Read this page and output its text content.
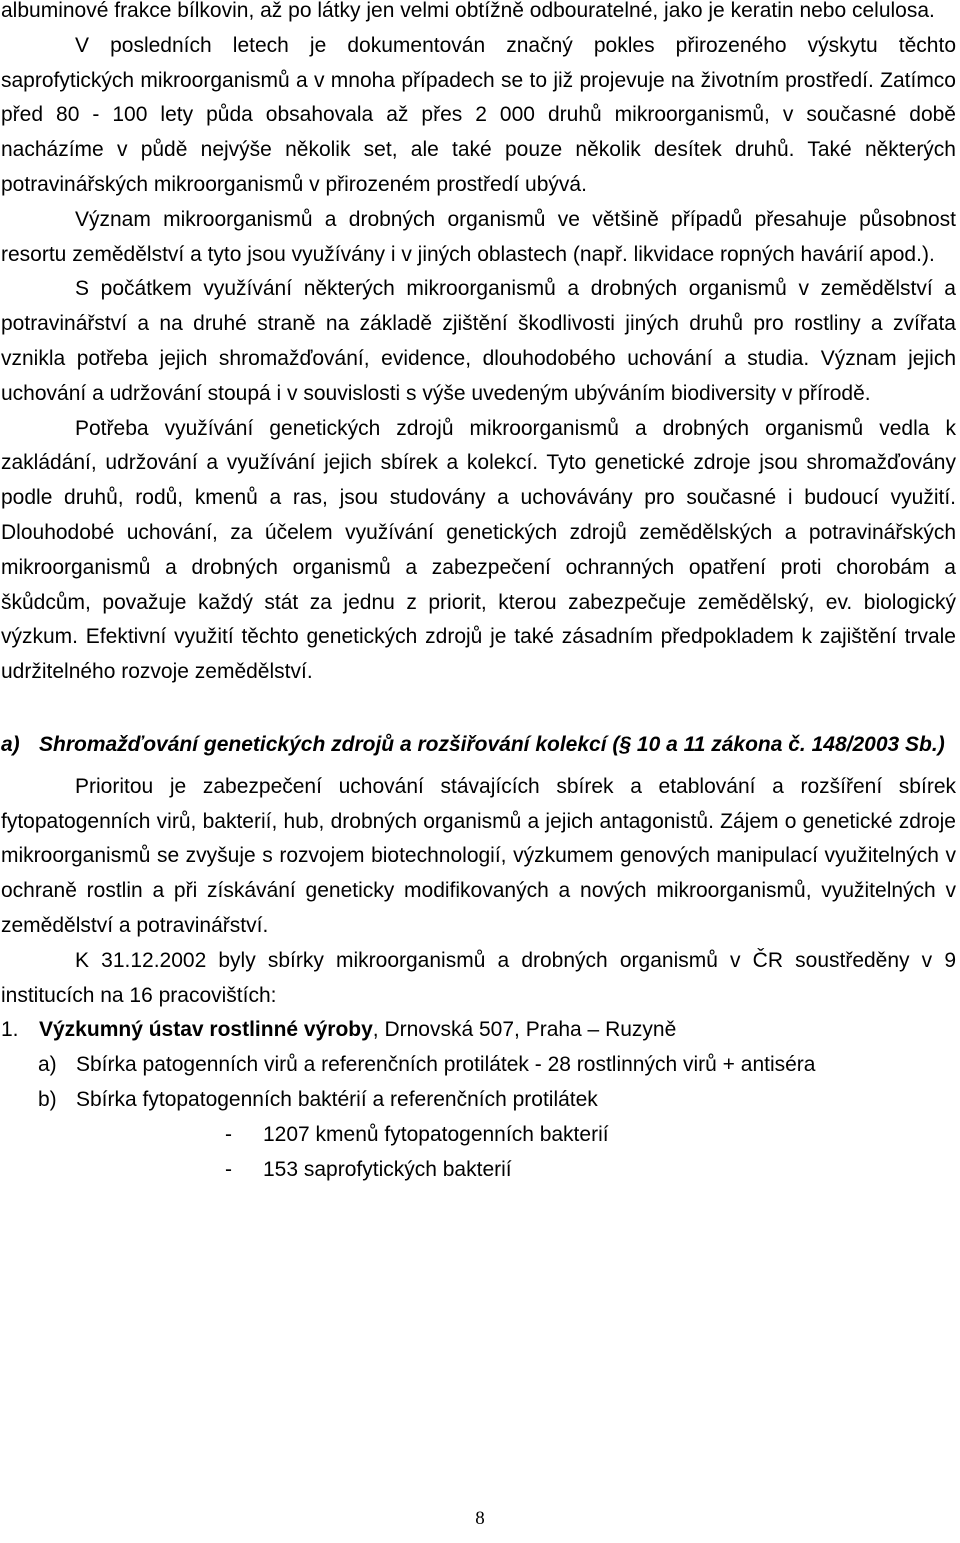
albuminové frakce bílkovin, až po látky jen velmi obtížně odbouratelné, jako je keratin nebo celulosa.

V posledních letech je dokumentován značný pokles přirozeného výskytu těchto saprofytických mikroorganismů a v mnoha případech se to již projevuje na životním prostředí. Zatímco před 80 - 100 lety půda obsahovala až přes 2 000 druhů mikroorganismů, v současné době nacházíme v půdě nejvýše několik set, ale také pouze několik desítek druhů. Také některých potravinářských mikroorganismů v přirozeném prostředí ubývá.

Význam mikroorganismů a drobných organismů ve většině případů přesahuje působnost resortu zemědělství a tyto jsou využívány i v jiných oblastech (např. likvidace ropných havárií apod.).

S počátkem využívání některých mikroorganismů a drobných organismů v zemědělství a potravinářství a na druhé straně na základě zjištění škodlivosti jiných druhů pro rostliny a zvířata vznikla potřeba jejich shromažďování, evidence, dlouhodobého uchování a studia. Význam jejich uchování a udržování stoupá i v souvislosti s výše uvedeným ubýváním biodiversity v přírodě.

Potřeba využívání genetických zdrojů mikroorganismů a drobných organismů vedla k zakládání, udržování a využívání jejich sbírek a kolekcí. Tyto genetické zdroje jsou shromažďovány podle druhů, rodů, kmenů a ras, jsou studovány a uchovávány pro současné i budoucí využití. Dlouhodobé uchování, za účelem využívání genetických zdrojů zemědělských a potravinářských mikroorganismů a drobných organismů a zabezpečení ochranných opatření proti chorobám a škůdcům, považuje každý stát za jednu z priorit, kterou zabezpečuje zemědělský, ev. biologický výzkum. Efektivní využití těchto genetických zdrojů je také zásadním předpokladem k zajištění trvale udržitelného rozvoje zemědělství.

a) Shromažďování genetických zdrojů a rozšiřování kolekcí (§ 10 a 11 zákona č. 148/2003 Sb.)

Prioritou je zabezpečení uchování stávajících sbírek a etablování a rozšíření sbírek fytopatogenních virů, bakterií, hub, drobných organismů a jejich antagonistů. Zájem o genetické zdroje mikroorganismů se zvyšuje s rozvojem biotechnologií, výzkumem genových manipulací využitelných v ochraně rostlin a při získávání geneticky modifikovaných a nových mikroorganismů, využitelných v zemědělství a potravinářství.

K 31.12.2002 byly sbírky mikroorganismů a drobných organismů v ČR soustředěny v 9 institucích na 16 pracovištích:

1. Výzkumný ústav rostlinné výroby, Drnovská 507, Praha – Ruzyně

a) Sbírka patogenních virů a referenčních protilátek - 28 rostlinných virů + antiséra

b) Sbírka fytopatogenních baktérií a referenčních protilátek

- 1207 kmenů fytopatogenních bakterií

- 153 saprofytických bakterií

8
